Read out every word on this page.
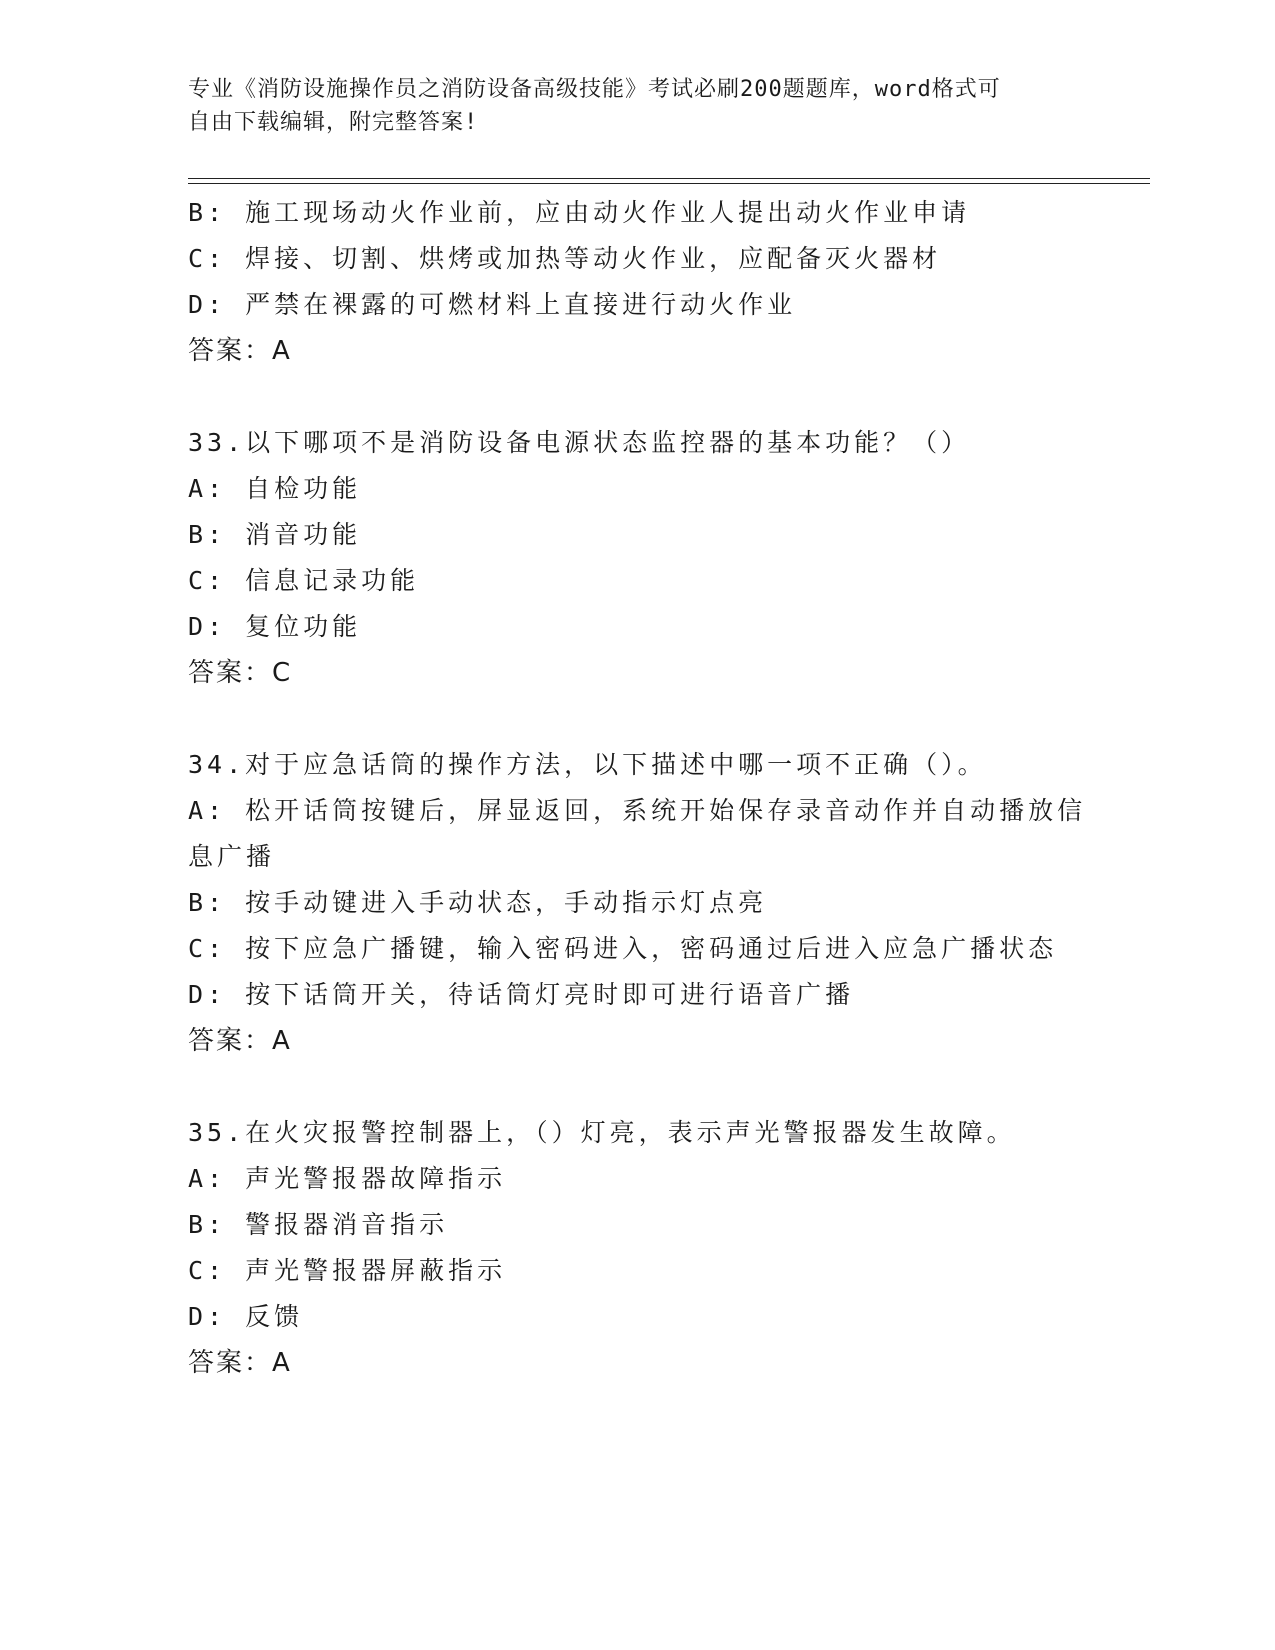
专业《消防设施操作员之消防设备高级技能》考试必刷200题题库，word格式可
自由下载编辑，附完整答案!
B: 施工现场动火作业前，应由动火作业人提出动火作业申请
C: 焊接、切割、烘烤或加热等动火作业，应配备灭火器材
D: 严禁在裸露的可燃材料上直接进行动火作业
答案：A
33.以下哪项不是消防设备电源状态监控器的基本功能？（）
A: 自检功能
B: 消音功能
C: 信息记录功能
D: 复位功能
答案：C
34.对于应急话筒的操作方法，以下描述中哪一项不正确（）。
A: 松开话筒按键后，屏显返回，系统开始保存录音动作并自动播放信息广播
B: 按手动键进入手动状态，手动指示灯点亮
C: 按下应急广播键，输入密码进入，密码通过后进入应急广播状态
D: 按下话筒开关，待话筒灯亮时即可进行语音广播
答案：A
35.在火灾报警控制器上，（）灯亮，表示声光警报器发生故障。
A: 声光警报器故障指示
B: 警报器消音指示
C: 声光警报器屏蔽指示
D: 反馈
答案：A
